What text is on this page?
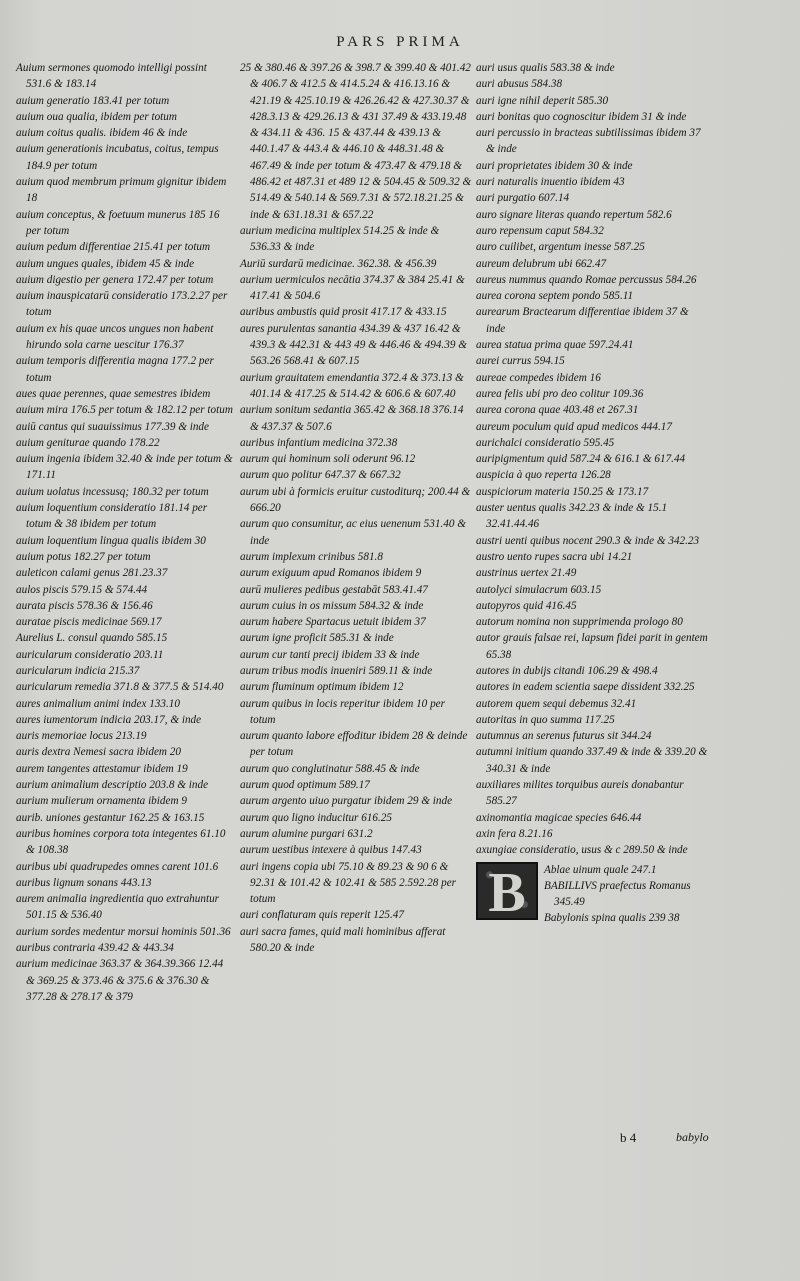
PARS PRIMA

Auium sermones quomodo intelligi possint 531.6 & 183.14

auium generatio 183.41 per totum

auium oua qualia, ibidem per totum

auium coitus qualis. ibidem 46 & inde

auium generationis incubatus, coitus, tempus 184.9 per totum

auium quod membrum primum gignitur ibidem 18

auium conceptus, & foetuum munerus 185 16 per totum

auium pedum differentiae 215.41 per totum

auium ungues quales, ibidem 45 & inde

auium digestio per genera 172.47 per totum

auium inauspicatarū consideratio 173.2.27 per totum

auium ex his quae uncos ungues non habent hirundo sola carne uescitur 176.37

auium temporis differentia magna 177.2 per totum

aues quae perennes, quae semestres ibidem

auium mira 176.5 per totum & 182.12 per totum

auiū cantus qui suauissimus 177.39 & inde

auium geniturae quando 178.22

auium ingenia ibidem 32.40 & inde per totum & 171.11

auium uolatus incessusq; 180.32 per totum

auium loquentium consideratio 181.14 per totum & 38 ibidem per totum

auium loquentium lingua qualis ibidem 30

auium potus 182.27 per totum

auleticon calami genus 281.23.37

aulos piscis 579.15 & 574.44

aurata piscis 578.36 & 156.46

auratae piscis medicinae 569.17

Aurelius L. consul quando 585.15

auricularum consideratio 203.11

auricularum indicia 215.37

auricularum remedia 371.8 & 377.5 & 514.40

aures animalium animi index 133.10

aures iumentorum indicia 203.17, & inde

auris memoriae locus 213.19

auris dextra Nemesi sacra ibidem 20

aurem tangentes attestamur ibidem 19

aurium animalium descriptio 203.8 & inde

aurium mulierum ornamenta ibidem 9

aurib. uniones gestantur 162.25 & 163.15

auribus homines corpora tota integentes 61.10 & 108.38

auribus ubi quadrupedes omnes carent 101.6

auribus lignum sonans 443.13

aurem animalia ingredientia quo extrahuntur 501.15 & 536.40

aurium sordes medentur morsui hominis 501.36

auribus contraria 439.42 & 443.34

aurium medicinae 363.37 & 364.39.366 12.44 & 369.25 & 373.46 & 375.6 & 376.30 & 377.28 & 278.17 & 379

25 & 380.46 & 397.26 & 398.7 & 399.40 & 401.42 & 406.7 & 412.5 & 414.5.24 & 416.13.16 & 421.19 & 425.10.19 & 426.26.42 & 427.30.37 & 428.3.13 & 429.26.13 & 431 37.49 & 433.19.48 & 434.11 & 436. 15 & 437.44 & 439.13 & 440.1.47 & 443.4 & 446.10 & 448.31.48 & 467.49 & inde per totum & 473.47 & 479.18 & 486.42 et 487.31 et 489 12 & 504.45 & 509.32 & 514.49 & 540.14 & 569.7.31 & 572.18.21.25 & inde & 631.18.31 & 657.22

aurium medicina multiplex 514.25 & inde & 536.33 & inde

Auriū surdarū medicinae. 362.38. & 456.39

aurium uermiculos necātia 374.37 & 384 25.41 & 417.41 & 504.6

auribus ambustis quid prosit 417.17 & 433.15

aures purulentas sanantia 434.39 & 437 16.42 & 439.3 & 442.31 & 443 49 & 446.46 & 494.39 & 563.26 568.41 & 607.15

aurium grauitatem emendantia 372.4 & 373.13 & 401.14 & 417.25 & 514.42 & 606.6 & 607.40

aurium sonitum sedantia 365.42 & 368.18 376.14 & 437.37 & 507.6

auribus infantium medicina 372.38

aurum qui hominum soli oderunt 96.12

aurum quo politur 647.37 & 667.32

aurum ubi à formicis eruitur custoditurq; 200.44 & 666.20

aurum quo consumitur, ac eius uenenum 531.40 & inde

aurum implexum crinibus 581.8

aurum exiguum apud Romanos ibidem 9

aurū mulieres pedibus gestabāt 583.41.47

aurum cuius in os missum 584.32 & inde

aurum habere Spartacus uetuit ibidem 37

aurum igne proficit 585.31 & inde

aurum cur tanti precij ibidem 33 & inde

aurum tribus modis inueniri 589.11 & inde

aurum fluminum optimum ibidem 12

aurum quibus in locis reperitur ibidem 10 per totum

aurum quanto labore effoditur ibidem 28 & deinde per totum

aurum quo conglutinatur 588.45 & inde

aurum quod optimum 589.17

aurum argento uiuo purgatur ibidem 29 & inde

aurum quo ligno inducitur 616.25

aurum alumine purgari 631.2

aurum uestibus intexere à quibus 147.43

auri ingens copia ubi 75.10 & 89.23 & 90 6 & 92.31 & 101.42 & 102.41 & 585 2.592.28 per totum

auri conflaturam quis reperit 125.47

auri sacra fames, quid mali hominibus afferat 580.20 & inde

auri usus qualis 583.38 & inde

auri abusus 584.38

auri igne nihil deperit 585.30

auri bonitas quo cognoscitur ibidem 31 & inde

auri percussio in bracteas subtilissimas ibidem 37 & inde

auri proprietates ibidem 30 & inde

auri naturalis inuentio ibidem 43

auri purgatio 607.14

auro signare literas quando repertum 582.6

auro repensum caput 584.32

auro cuilibet, argentum inesse 587.25

aureum delubrum ubi 662.47

aureus nummus quando Romae percussus 584.26

aurea corona septem pondo 585.11

aurearum Bractearum differentiae ibidem 37 & inde

aurea statua prima quae 597.24.41

aurei currus 594.15

aureae compedes ibidem 16

aurea felis ubi pro deo colitur 109.36

aurea corona quae 403.48 et 267.31

aureum poculum quid apud medicos 444.17

aurichalci consideratio 595.45

auripigmentum quid 587.24 & 616.1 & 617.44

auspicia à quo reperta 126.28

auspiciorum materia 150.25 & 173.17

auster uentus qualis 342.23 & inde & 15.1 32.41.44.46

austri uenti quibus nocent 290.3 & inde & 342.23

austro uento rupes sacra ubi 14.21

austrinus uertex 21.49

autolyci simulacrum 603.15

autopyros quid 416.45

autorum nomina non supprimenda prologo 80

autor grauis falsae rei, lapsum fidei parit in gentem 65.38

autores in dubijs citandi 106.29 & 498.4

autores in eadem scientia saepe dissident 332.25

autorem quem sequi debemus 32.41

autoritas in quo summa 117.25

autumnus an serenus futurus sit 344.24

autumni initium quando 337.49 & inde & 339.20 & 340.31 & inde

auxiliares milites torquibus aureis donabantur 585.27

axinomantia magicae species 646.44

axin fera 8.21.16

axungiae consideratio, usus & c 289.50 & inde

B	Ablae uinum quale 247.1

BABILLIVS praefectus Romanus 345.49

Babylonis spina qualis 239 38

b 4	babylo
